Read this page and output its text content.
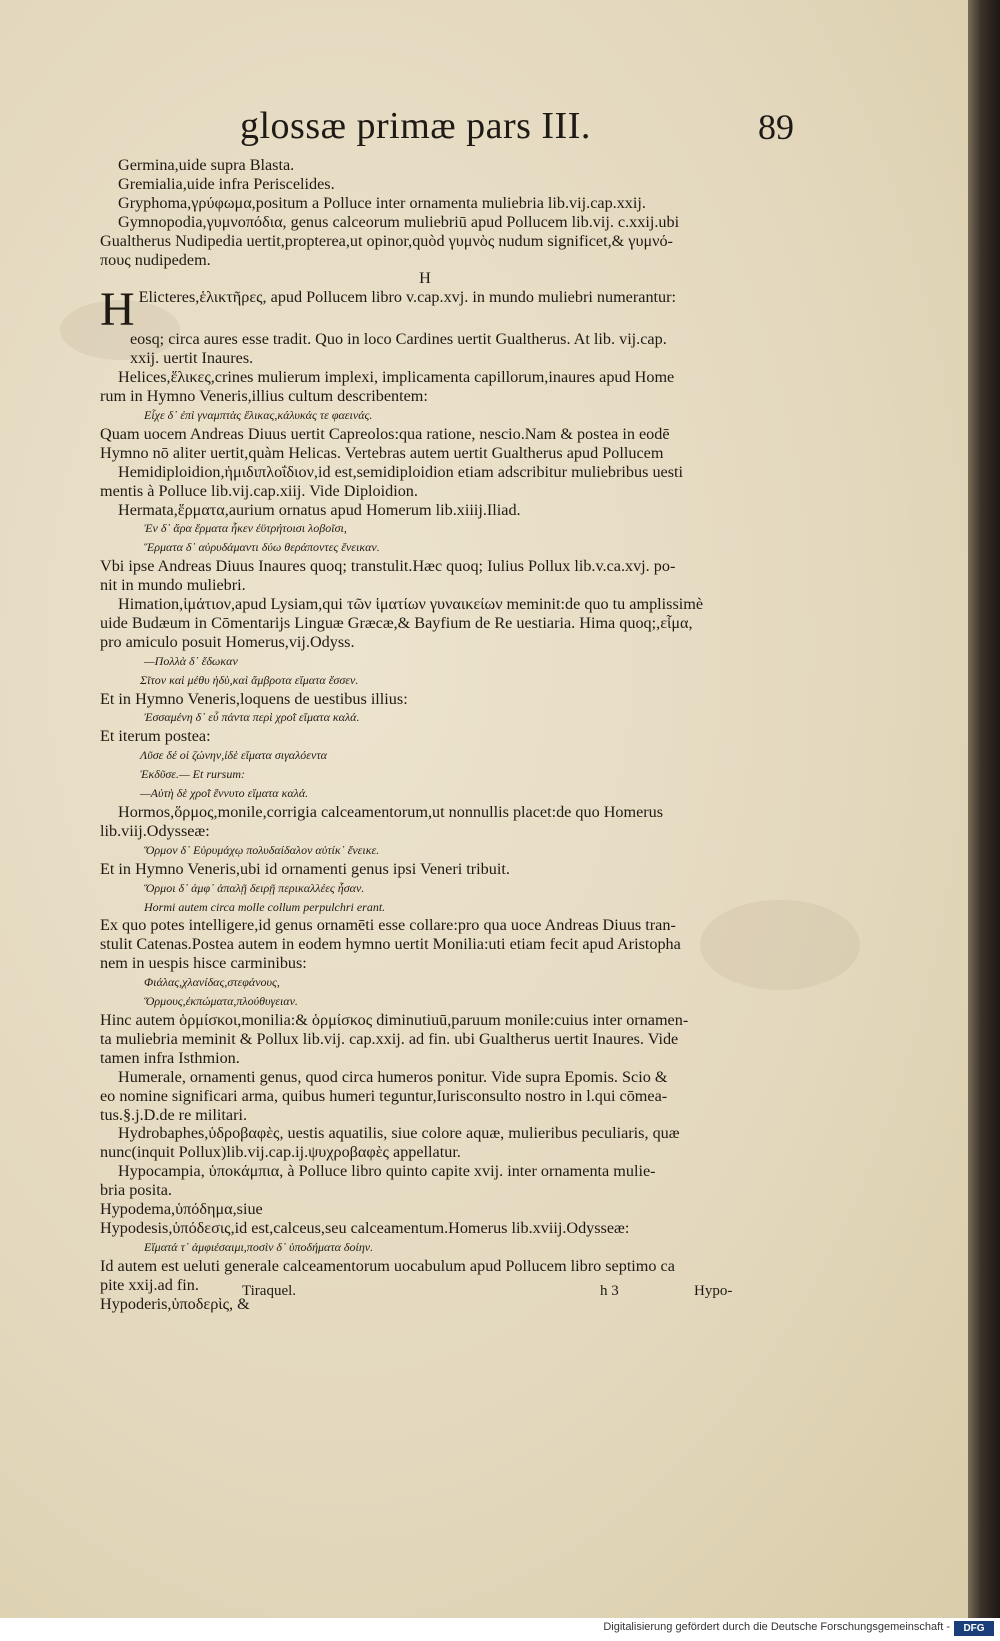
glossæ primæ pars III.	89

Germina,uide supra Blasta.

Gremialia,uide infra Periscelides.

Gryphoma,γρύφωμα,positum a Polluce inter ornamenta muliebria lib.vij.cap.xxij.

Gymnopodia,γυμνοπόδια, genus calceorum muliebriū apud Pollucem lib.vij. c.xxij.ubi

Gualtherus Nudipedia uertit,propterea,ut opinor,quòd γυμνὸς nudum significet,& γυμνό-

πους nudipedem.

H

H Elicteres,ἑλικτῆρες, apud Pollucem libro v.cap.xvj. in mundo muliebri numerantur:

eosq; circa aures esse tradit. Quo in loco Cardines uertit Gualtherus. At lib. vij.cap.

xxij. uertit Inaures.

Helices,ἕλικες,crines mulierum implexi, implicamenta capillorum,inaures apud Home

rum in Hymno Veneris,illius cultum describentem:

Εἶχε δ᾽ ἐπὶ γναμπτὰς ἕλικας,κάλυκάς τε φαεινάς.

Quam uocem Andreas Diuus uertit Capreolos:qua ratione, nescio.Nam & postea in eodē

Hymno nō aliter uertit,quàm Helicas. Vertebras autem uertit Gualtherus apud Pollucem

Hemidiploidion,ἡμιδιπλοΐδιον,id est,semidiploidion etiam adscribitur muliebribus uesti

mentis à Polluce lib.vij.cap.xiij. Vide Diploidion.

Hermata,ἕρματα,aurium ornatus apud Homerum lib.xiiij.Iliad.

Ἐν δ᾽ ἄρα ἕρματα ἧκεν ἐϋτρήτοισι λοβοῖσι,

Ἕρματα δ᾽ αὐρυδάμαντι δύω θεράποντες ἔνεικαν.

Vbi ipse Andreas Diuus Inaures quoq; transtulit.Hæc quoq; Iulius Pollux lib.v.ca.xvj. po-

nit in mundo muliebri.

Himation,ἱμάτιον,apud Lysiam,qui τῶν ἱματίων γυναικείων meminit:de quo tu amplissimè

uide Budæum in Cōmentarijs Linguæ Græcæ,& Bayfium de Re uestiaria. Hima quoq;,εἷμα,

pro amiculo posuit Homerus,vij.Odyss.

—Πολλὰ δ᾽ ἔδωκαν

Σῖτον καὶ μέθυ ἡδὺ,καὶ ἄμβροτα εἵματα ἕσσεν.

Et in Hymno Veneris,loquens de uestibus illius:

Ἐσσαμένη δ᾽ εὖ πάντα περὶ χροῒ εἵματα καλά.

Et iterum postea:

Λῦσε δέ οἱ ζώνην,ἰδὲ εἵματα σιγαλόεντα

Ἐκδῦσε.— Et rursum:

—Αὐτὴ δὲ χροῒ ἕννυτο εἵματα καλά.

Hormos,ὅρμος,monile,corrigia calceamentorum,ut nonnullis placet:de quo Homerus

lib.viij.Odysseæ:

Ὅρμον δ᾽ Εὐρυμάχῳ πολυδαίδαλον αὐτίκ᾽ ἔνεικε.

Et in Hymno Veneris,ubi id ornamenti genus ipsi Veneri tribuit.

Ὅρμοι δ᾽ ἀμφ᾽ ἁπαλῇ δειρῇ περικαλλέες ἦσαν.

Hormi autem circa molle collum perpulchri erant.

Ex quo potes intelligere,id genus ornamēti esse collare:pro qua uoce Andreas Diuus tran-

stulit Catenas.Postea autem in eodem hymno uertit Monilia:uti etiam fecit apud Aristopha

nem in uespis hisce carminibus:

Φιάλας,χλανίδας,στεφάνους,

Ὅρμους,ἐκπώματα,πλούθυγειαν.

Hinc autem ὁρμίσκοι,monilia:& ὁρμίσκος diminutiuū,paruum monile:cuius inter ornamen-

ta muliebria meminit & Pollux lib.vij. cap.xxij. ad fin. ubi Gualtherus uertit Inaures. Vide

tamen infra Isthmion.

Humerale, ornamenti genus, quod circa humeros ponitur. Vide supra Epomis. Scio &

eo nomine significari arma, quibus humeri teguntur,Iurisconsulto nostro in l.qui cōmea-

tus.§.j.D.de re militari.

Hydrobaphes,ὑδροβαφὲς, uestis aquatilis, siue colore aquæ, mulieribus peculiaris, quæ

nunc(inquit Pollux)lib.vij.cap.ij.ψυχροβαφὲς appellatur.

Hypocampia, ὑποκάμπια, à Polluce libro quinto capite xvij. inter ornamenta mulie-

bria posita.

Hypodema,ὑπόδημα,siue

Hypodesis,ὑπόδεσις,id est,calceus,seu calceamentum.Homerus lib.xviij.Odysseæ:

Εἵματά τ᾽ ἀμφιέσαιμι,ποσὶν δ᾽ ὑποδήματα δοίην.

Id autem est ueluti generale calceamentorum uocabulum apud Pollucem libro septimo ca

pite xxij.ad fin.

Hypoderis,ὑποδερὶς, &

Tiraquel.	h 3	Hypo-
Digitalisierung gefördert durch die Deutsche Forschungsgemeinschaft -	DFG
